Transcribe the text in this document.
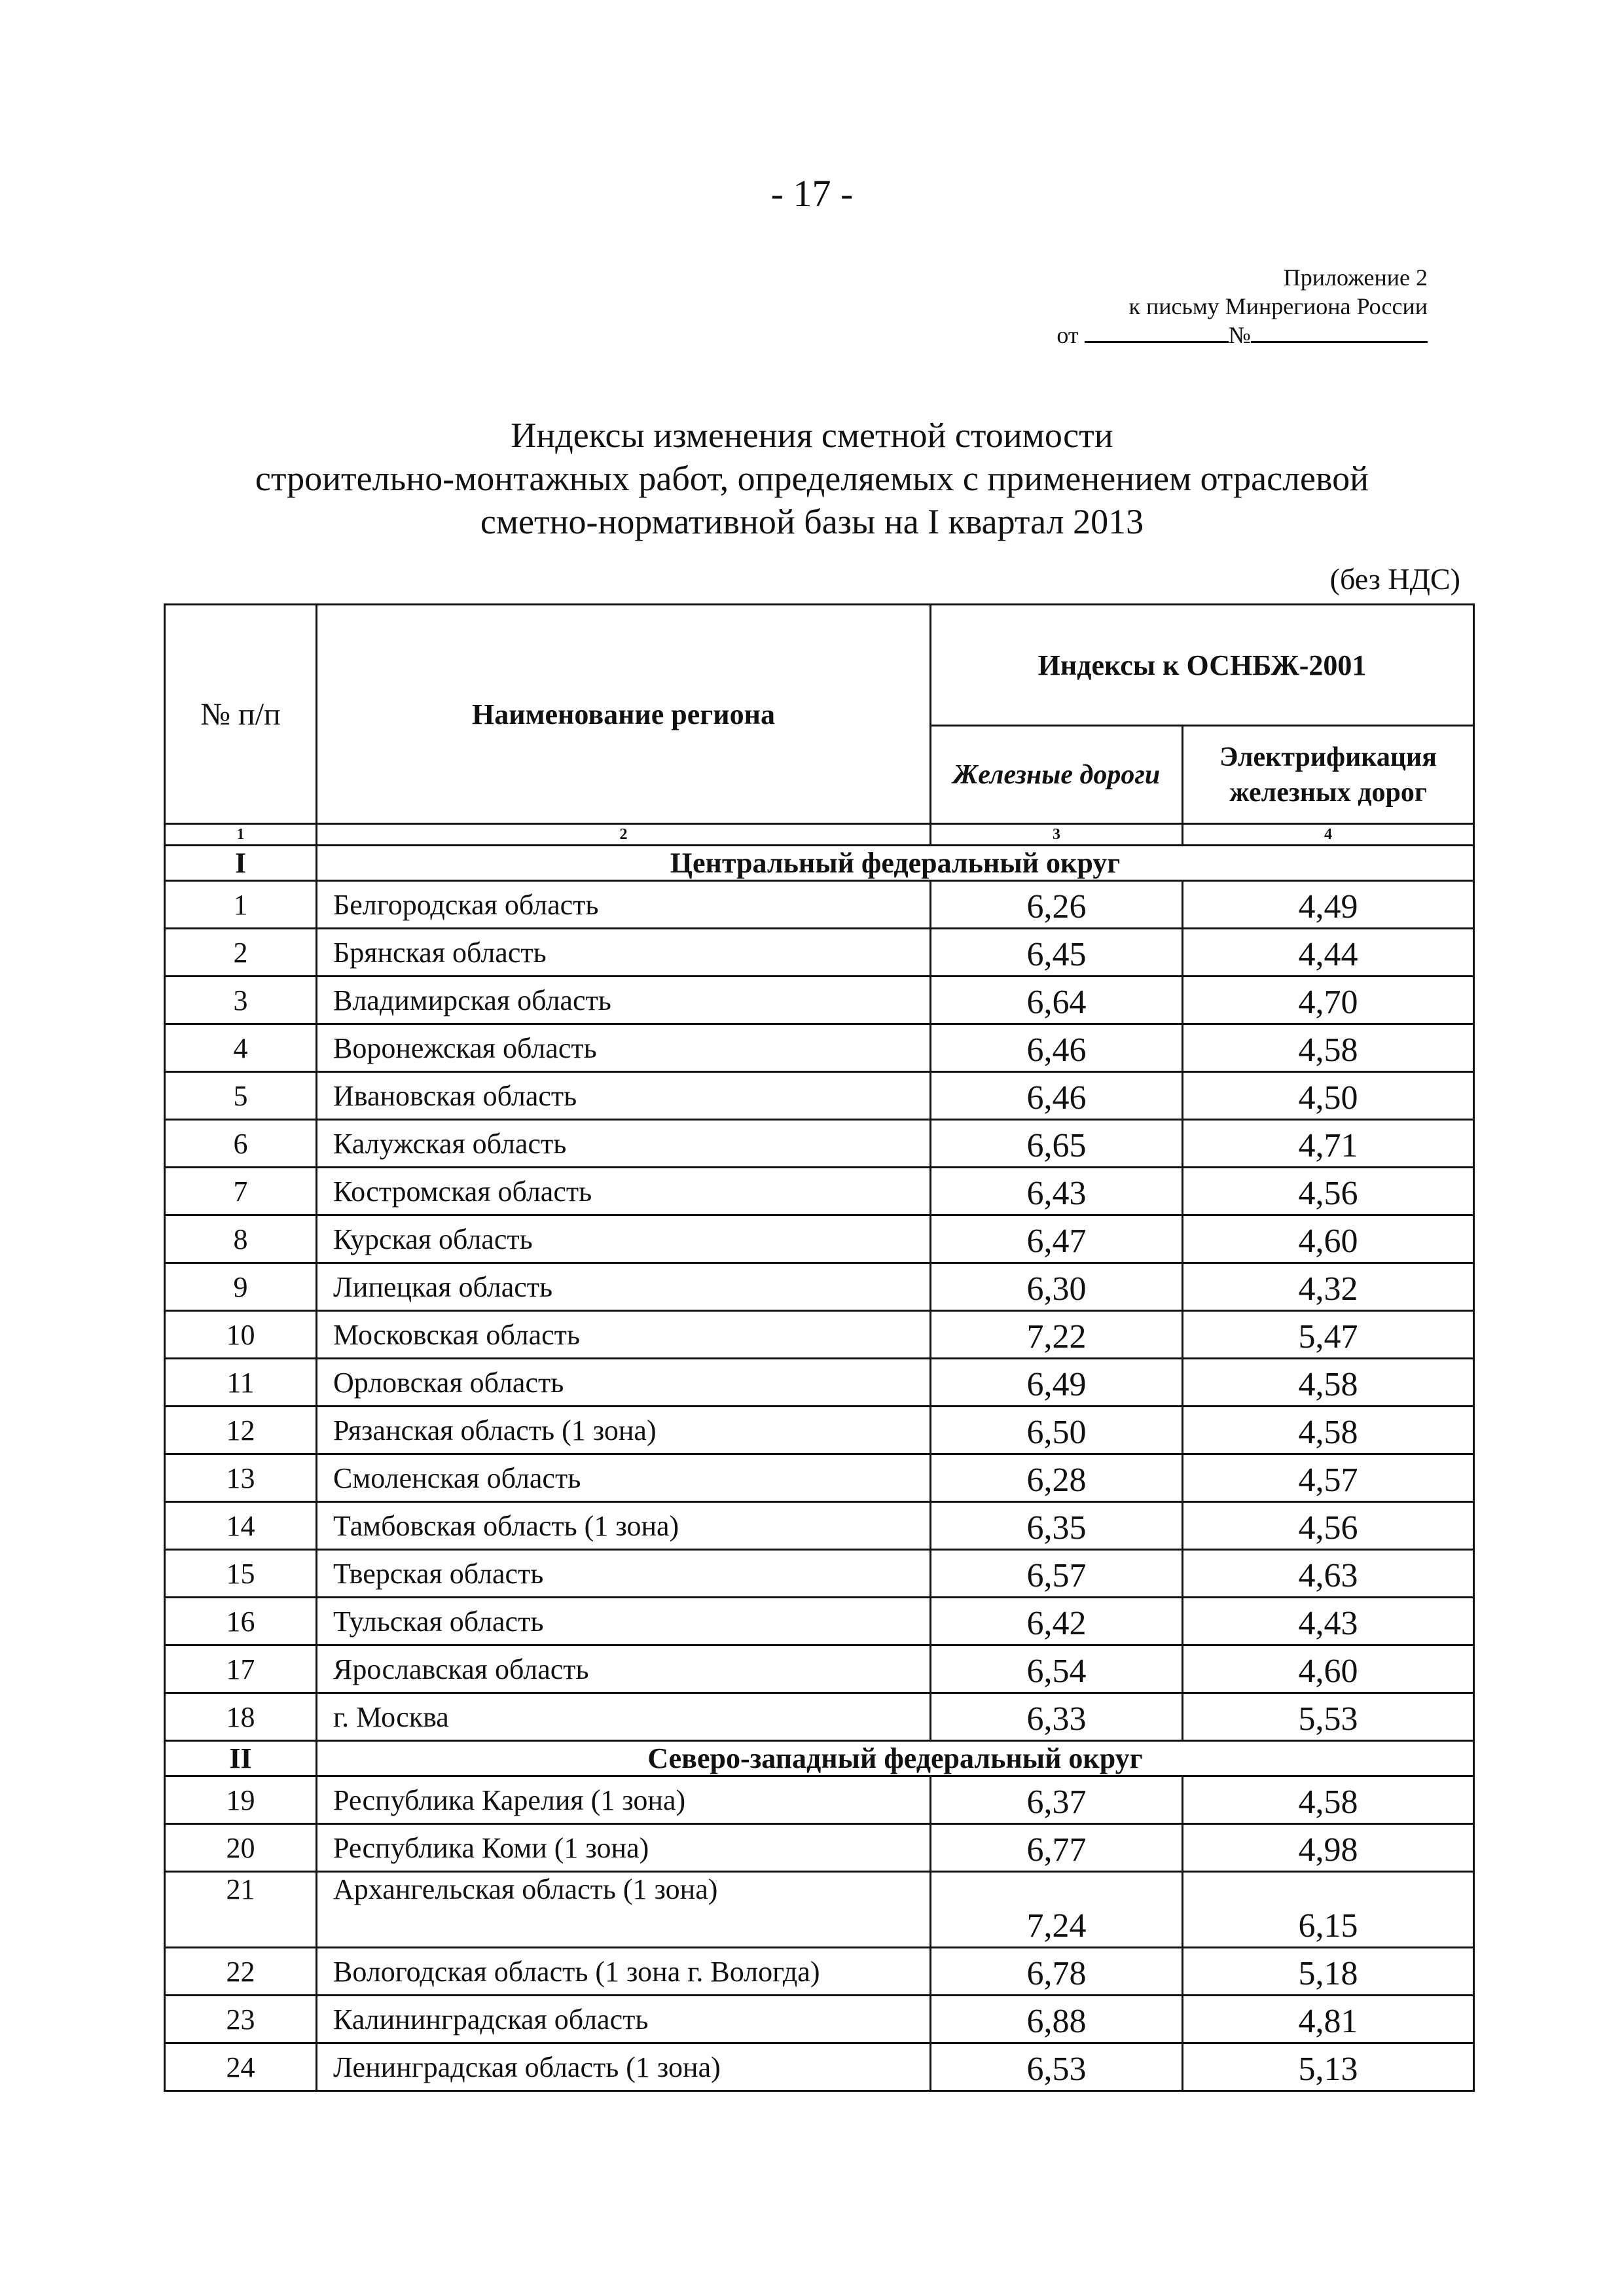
- 17 -
Приложение 2
к письму Минрегиона России
от	№
Индексы изменения сметной стоимости
строительно-монтажных работ, определяемых с применением отраслевой
сметно-нормативной базы на I квартал 2013
(без НДС)
№ п/п	Наименование региона	Индексы к ОСНБЖ-2001	
		Железные дороги	Электрификация железных дорог
1	2	3	4
I	Центральный федеральный округ		
1	Белгородская область	6,26	4,49
2	Брянская область	6,45	4,44
3	Владимирская область	6,64	4,70
4	Воронежская область	6,46	4,58
5	Ивановская область	6,46	4,50
6	Калужская область	6,65	4,71
7	Костромская область	6,43	4,56
8	Курская область	6,47	4,60
9	Липецкая область	6,30	4,32
10	Московская область	7,22	5,47
11	Орловская область	6,49	4,58
12	Рязанская область (1 зона)	6,50	4,58
13	Смоленская область	6,28	4,57
14	Тамбовская область (1 зона)	6,35	4,56
15	Тверская область	6,57	4,63
16	Тульская область	6,42	4,43
17	Ярославская область	6,54	4,60
18	г. Москва	6,33	5,53
II	Северо-западный федеральный округ		
19	Республика Карелия (1 зона)	6,37	4,58
20	Республика Коми (1 зона)	6,77	4,98
21	Архангельская область (1 зона)	7,24	6,15
22	Вологодская область (1 зона г. Вологда)	6,78	5,18
23	Калининградская область	6,88	4,81
24	Ленинградская область (1 зона)	6,53	5,13
